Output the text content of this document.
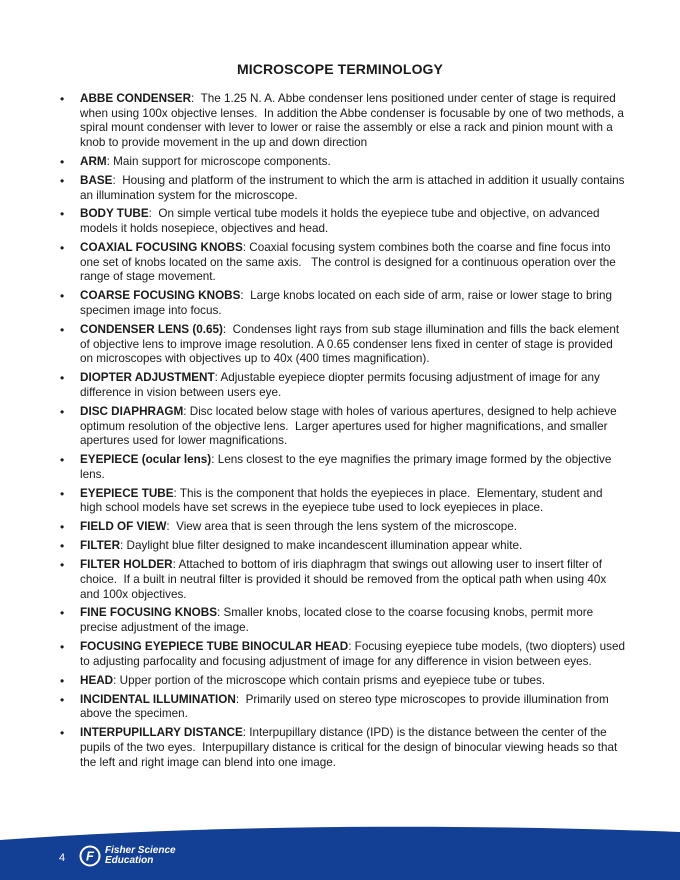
MICROSCOPE TERMINOLOGY
• ABBE CONDENSER:  The 1.25 N. A. Abbe condenser lens positioned under center of stage is required when using 100x objective lenses.  In addition the Abbe condenser is focusable by one of two methods, a spiral mount condenser with lever to lower or raise the assembly or else a rack and pinion mount with a knob to provide movement in the up and down direction
• ARM: Main support for microscope components.
• BASE:  Housing and platform of the instrument to which the arm is attached in addition it usually contains an illumination system for the microscope.
• BODY TUBE:  On simple vertical tube models it holds the eyepiece tube and objective, on advanced models it holds nosepiece, objectives and head.
• COAXIAL FOCUSING KNOBS: Coaxial focusing system combines both the coarse and fine focus into one set of knobs located on the same axis.   The control is designed for a continuous operation over the range of stage movement.
• COARSE FOCUSING KNOBS:  Large knobs located on each side of arm, raise or lower stage to bring specimen image into focus.
• CONDENSER LENS (0.65):  Condenses light rays from sub stage illumination and fills the back element of objective lens to improve image resolution. A 0.65 condenser lens fixed in center of stage is provided on microscopes with objectives up to 40x (400 times magnification).
• DIOPTER ADJUSTMENT: Adjustable eyepiece diopter permits focusing adjustment of image for any difference in vision between users eye.
• DISC DIAPHRAGM: Disc located below stage with holes of various apertures, designed to help achieve optimum resolution of the objective lens.  Larger apertures used for higher magnifications, and smaller apertures used for lower magnifications.
• EYEPIECE (ocular lens): Lens closest to the eye magnifies the primary image formed by the objective lens.
• EYEPIECE TUBE: This is the component that holds the eyepieces in place.  Elementary, student and high school models have set screws in the eyepiece tube used to lock eyepieces in place.
• FIELD OF VIEW:  View area that is seen through the lens system of the microscope.
• FILTER: Daylight blue filter designed to make incandescent illumination appear white.
• FILTER HOLDER: Attached to bottom of iris diaphragm that swings out allowing user to insert filter of choice.  If a built in neutral filter is provided it should be removed from the optical path when using 40x and 100x objectives.
• FINE FOCUSING KNOBS: Smaller knobs, located close to the coarse focusing knobs, permit more precise adjustment of the image.
• FOCUSING EYEPIECE TUBE BINOCULAR HEAD: Focusing eyepiece tube models, (two diopters) used to adjusting parfocality and focusing adjustment of image for any difference in vision between eyes.
• HEAD: Upper portion of the microscope which contain prisms and eyepiece tube or tubes.
• INCIDENTAL ILLUMINATION:  Primarily used on stereo type microscopes to provide illumination from above the specimen.
• INTERPUPILLARY DISTANCE: Interpupillary distance (IPD) is the distance between the center of the pupils of the two eyes.  Interpupillary distance is critical for the design of binocular viewing heads so that the left and right image can blend into one image.
4 F Fisher Science
Education
